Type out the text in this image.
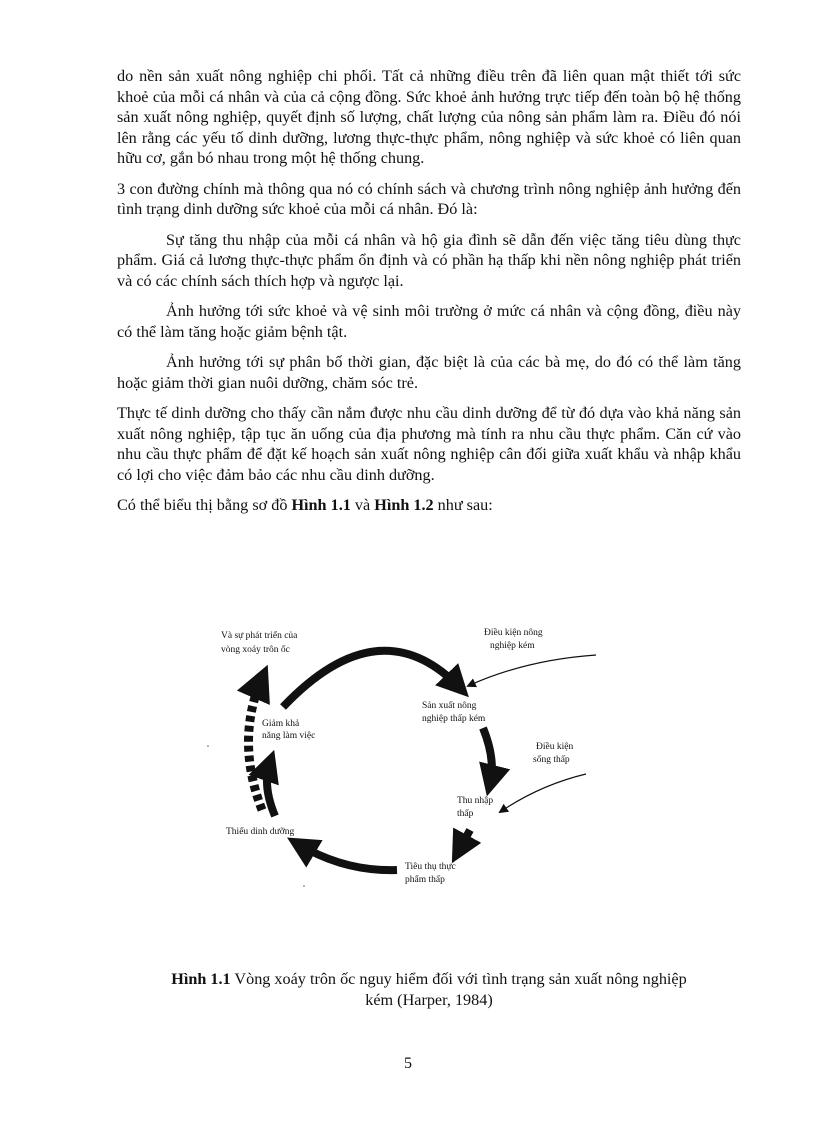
do nền sản xuất nông nghiệp chi phối. Tất cả những điều trên đã liên quan mật thiết tới sức khoẻ của mỗi cá nhân và của cả cộng đồng. Sức khoẻ ảnh hưởng trực tiếp đến toàn bộ hệ thống sản xuất nông nghiệp, quyết định số lượng, chất lượng của nông sản phẩm làm ra. Điều đó nói lên rằng các yếu tố dinh dưỡng, lương thực-thực phẩm, nông nghiệp và sức khoẻ có liên quan hữu cơ, gắn bó nhau trong một hệ thống chung.

3 con đường chính mà thông qua nó có chính sách và chương trình nông nghiệp ảnh hưởng đến tình trạng dinh dưỡng sức khoẻ của mỗi cá nhân. Đó là:

Sự tăng thu nhập của mỗi cá nhân và hộ gia đình sẽ dẫn đến việc tăng tiêu dùng thực phẩm. Giá cả lương thực-thực phẩm ổn định và có phần hạ thấp khi nền nông nghiệp phát triển và có các chính sách thích hợp và ngược lại.

Ảnh hưởng tới sức khoẻ và vệ sinh môi trường ở mức cá nhân và cộng đồng, điều này có thể làm tăng hoặc giảm bệnh tật.

Ảnh hưởng tới sự phân bố thời gian, đặc biệt là của các bà mẹ, do đó có thể làm tăng hoặc giảm thời gian nuôi dưỡng, chăm sóc trẻ.

Thực tế dinh dưỡng cho thấy cần nắm được nhu cầu dinh dưỡng để từ đó dựa vào khả năng sản xuất nông nghiệp, tập tục ăn uống của địa phương mà tính ra nhu cầu thực phẩm. Căn cứ vào nhu cầu thực phẩm để đặt kế hoạch sản xuất nông nghiệp cân đối giữa xuất khẩu và nhập khẩu có lợi cho việc đảm bảo các nhu cầu dinh dưỡng.

Có thể biểu thị bằng sơ đồ Hình 1.1 và Hình 1.2 như sau:

Và sự phát triển của
vòng xoáy trôn ốc
Điều kiện nông
nghiệp kém
Sản xuất nông
nghiệp thấp kém
Giảm khả
năng làm việc
Điều kiện
sống thấp
Thu nhập
thấp
Thiếu dinh dưỡng
Tiêu thụ thực
phẩm thấp
Hình 1.1 Vòng xoáy trôn ốc nguy hiểm đối với tình trạng sản xuất nông nghiệp
kém (Harper, 1984)
5
